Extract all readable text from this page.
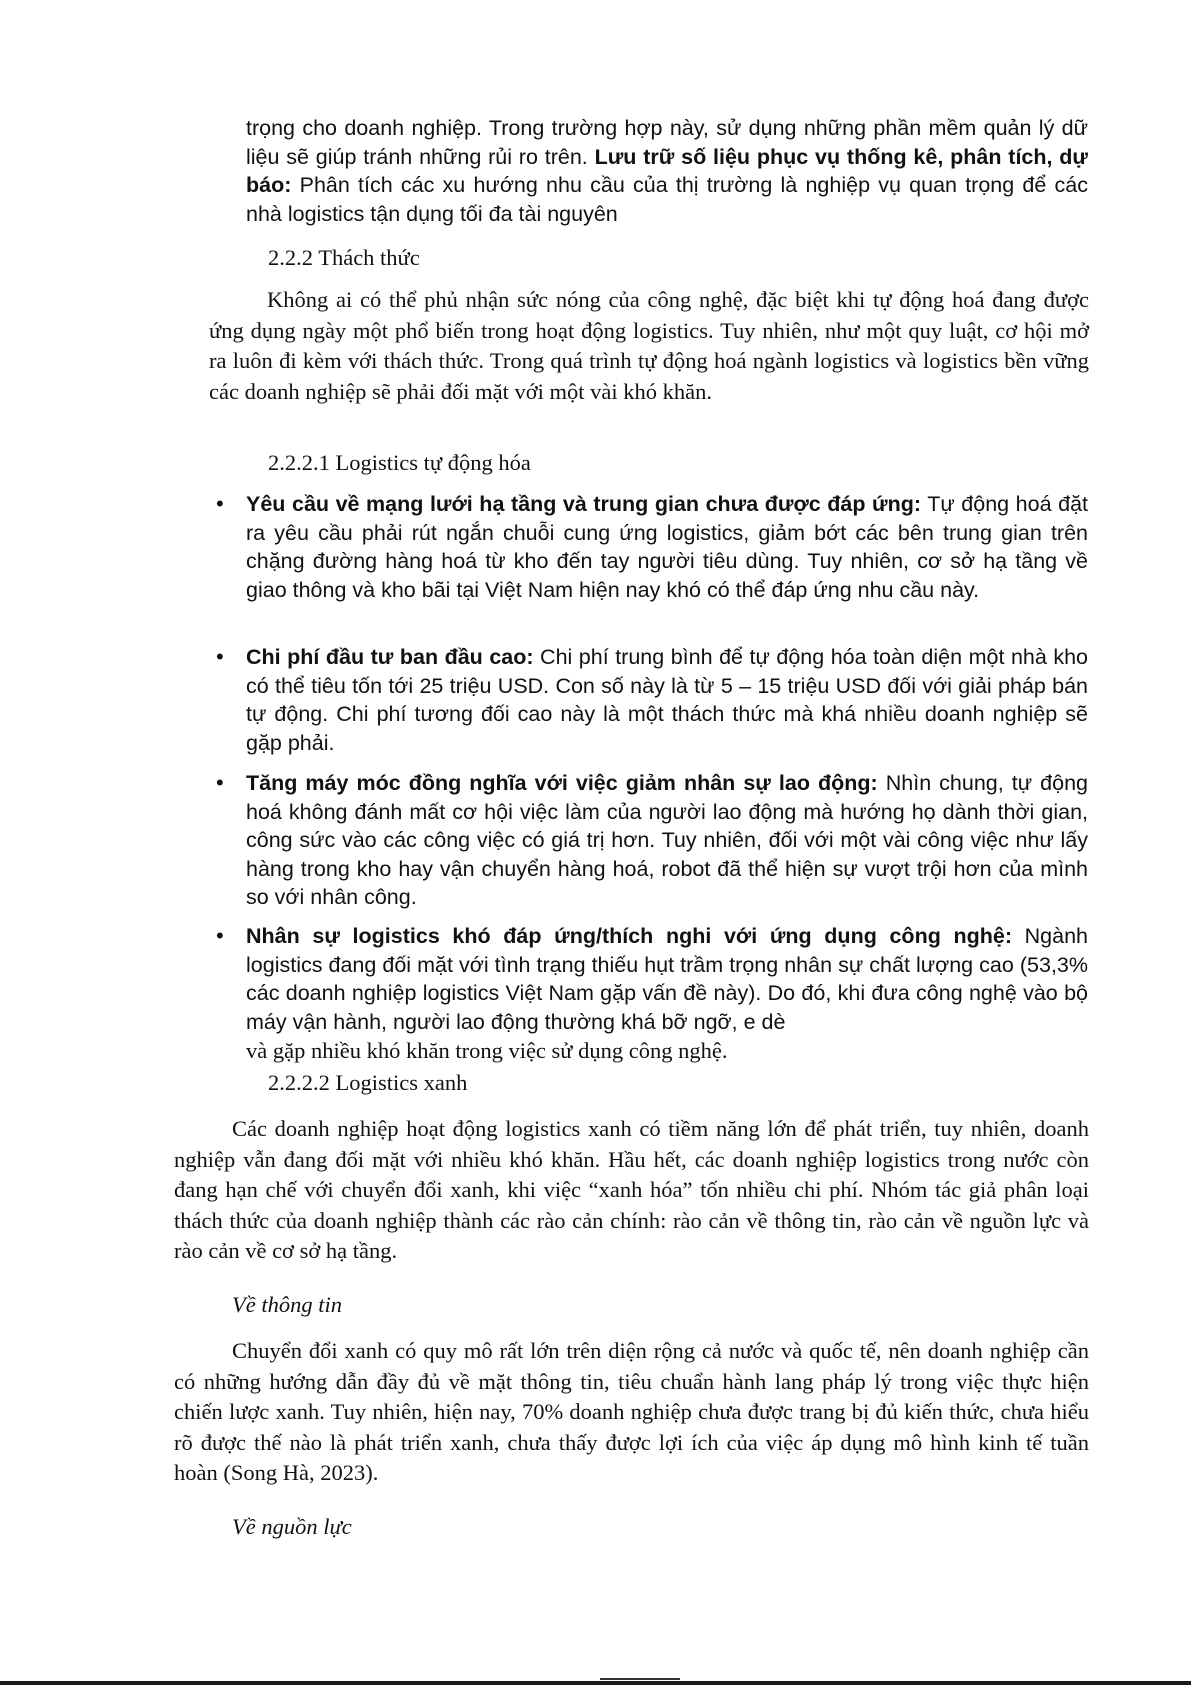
trọng cho doanh nghiệp. Trong trường hợp này, sử dụng những phần mềm quản lý dữ liệu sẽ giúp tránh những rủi ro trên. Lưu trữ số liệu phục vụ thống kê, phân tích, dự báo: Phân tích các xu hướng nhu cầu của thị trường là nghiệp vụ quan trọng để các nhà logistics tận dụng tối đa tài nguyên
2.2.2 Thách thức

Không ai có thể phủ nhận sức nóng của công nghệ, đặc biệt khi tự động hoá đang được ứng dụng ngày một phổ biến trong hoạt động logistics. Tuy nhiên, như một quy luật, cơ hội mở ra luôn đi kèm với thách thức. Trong quá trình tự động hoá ngành logistics và logistics bền vững các doanh nghiệp sẽ phải đối mặt với một vài khó khăn.

2.2.2.1 Logistics tự động hóa
•	Yêu cầu về mạng lưới hạ tầng và trung gian chưa được đáp ứng: Tự động hoá đặt ra yêu cầu phải rút ngắn chuỗi cung ứng logistics, giảm bớt các bên trung gian trên chặng đường hàng hoá từ kho đến tay người tiêu dùng. Tuy nhiên, cơ sở hạ tầng về giao thông và kho bãi tại Việt Nam hiện nay khó có thể đáp ứng nhu cầu này.
•	Chi phí đầu tư ban đầu cao: Chi phí trung bình để tự động hóa toàn diện một nhà kho có thể tiêu tốn tới 25 triệu USD. Con số này là từ 5 – 15 triệu USD đối với giải pháp bán tự động. Chi phí tương đối cao này là một thách thức mà khá nhiều doanh nghiệp sẽ gặp phải.
•	Tăng máy móc đồng nghĩa với việc giảm nhân sự lao động: Nhìn chung, tự động hoá không đánh mất cơ hội việc làm của người lao động mà hướng họ dành thời gian, công sức vào các công việc có giá trị hơn. Tuy nhiên, đối với một vài công việc như lấy hàng trong kho hay vận chuyển hàng hoá, robot đã thể hiện sự vượt trội hơn của mình so với nhân công.
•	Nhân sự logistics khó đáp ứng/thích nghi với ứng dụng công nghệ: Ngành logistics đang đối mặt với tình trạng thiếu hụt trầm trọng nhân sự chất lượng cao (53,3% các doanh nghiệp logistics Việt Nam gặp vấn đề này). Do đó, khi đưa công nghệ vào bộ máy vận hành, người lao động thường khá bỡ ngỡ, e dè
và gặp nhiều khó khăn trong việc sử dụng công nghệ.
2.2.2.2 Logistics xanh

Các doanh nghiệp hoạt động logistics xanh có tiềm năng lớn để phát triển, tuy nhiên, doanh nghiệp vẫn đang đối mặt với nhiều khó khăn. Hầu hết, các doanh nghiệp logistics trong nước còn đang hạn chế với chuyển đổi xanh, khi việc “xanh hóa” tốn nhiều chi phí. Nhóm tác giả phân loại thách thức của doanh nghiệp thành các rào cản chính: rào cản về thông tin, rào cản về nguồn lực và rào cản về cơ sở hạ tầng.

Về thông tin

Chuyển đổi xanh có quy mô rất lớn trên diện rộng cả nước và quốc tế, nên doanh nghiệp cần có những hướng dẫn đầy đủ về mặt thông tin, tiêu chuẩn hành lang pháp lý trong việc thực hiện chiến lược xanh. Tuy nhiên, hiện nay, 70% doanh nghiệp chưa được trang bị đủ kiến thức, chưa hiểu rõ được thế nào là phát triển xanh, chưa thấy được lợi ích của việc áp dụng mô hình kinh tế tuần hoàn (Song Hà, 2023).

Về nguồn lực
